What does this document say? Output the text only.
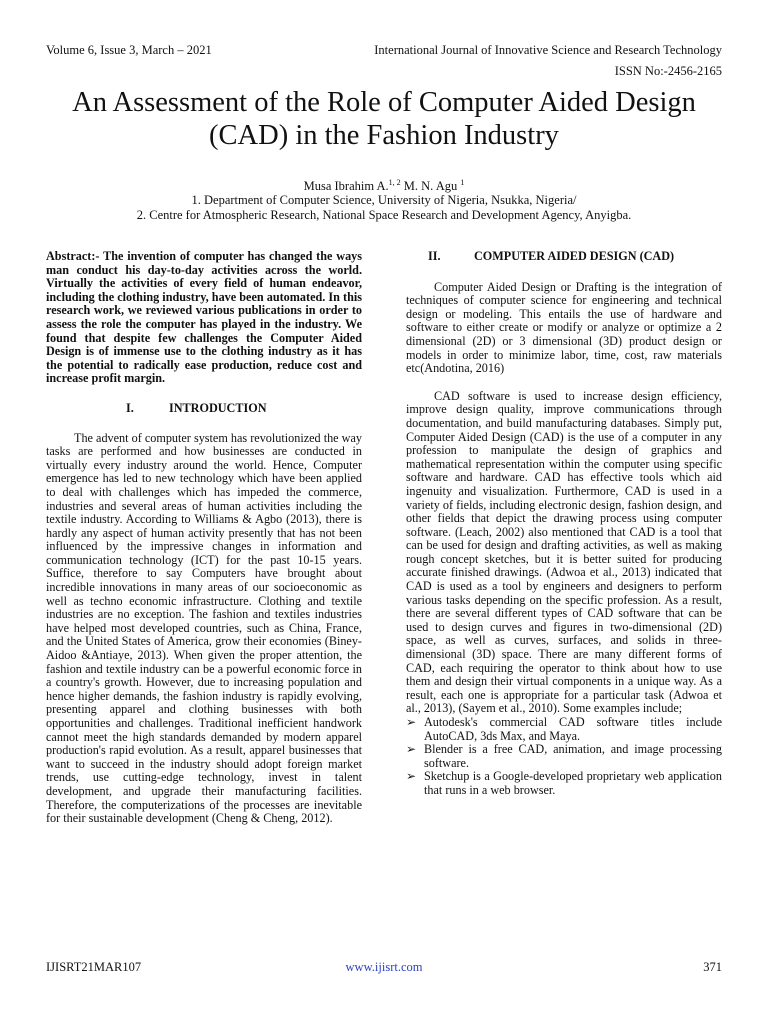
Volume 6, Issue 3, March – 2021	International Journal of Innovative Science and Research Technology
ISSN No:-2456-2165
An Assessment of the Role of Computer Aided Design (CAD) in the Fashion Industry
Musa Ibrahim A.$^{1, 2}$ M. N. Agu $^1$
1. Department of Computer Science, University of Nigeria, Nsukka, Nigeria/
2. Centre for Atmospheric Research, National Space Research and Development Agency, Anyigba.

Abstract:- The invention of computer has changed the ways man conduct his day-to-day activities across the world. Virtually the activities of every field of human endeavor, including the clothing industry, have been automated. In this research work, we reviewed various publications in order to assess the role the computer has played in the industry. We found that despite few challenges the Computer Aided Design is of immense use to the clothing industry as it has the potential to radically ease production, reduce cost and increase profit margin.

I.	INTRODUCTION

The advent of computer system has revolutionized the way tasks are performed and how businesses are conducted in virtually every industry around the world. Hence, Computer emergence has led to new technology which have been applied to deal with challenges which has impeded the commerce, industries and several areas of human activities including the textile industry. According to Williams & Agbo (2013), there is hardly any aspect of human activity presently that has not been influenced by the impressive changes in information and communication technology (ICT) for the past 10-15 years. Suffice, therefore to say Computers have brought about incredible innovations in many areas of our socioeconomic as well as techno economic infrastructure. Clothing and textile industries are no exception. The fashion and textiles industries have helped most developed countries, such as China, France, and the United States of America, grow their economies (Biney-Aidoo &Antiaye, 2013). When given the proper attention, the fashion and textile industry can be a powerful economic force in a country's growth. However, due to increasing population and hence higher demands, the fashion industry is rapidly evolving, presenting apparel and clothing businesses with both opportunities and challenges. Traditional inefficient handwork cannot meet the high standards demanded by modern apparel production's rapid evolution. As a result, apparel businesses that want to succeed in the industry should adopt foreign market trends, use cutting-edge technology, invest in talent development, and upgrade their manufacturing facilities. Therefore, the computerizations of the processes are inevitable for their sustainable development (Cheng & Cheng, 2012).

II.	COMPUTER AIDED DESIGN (CAD)

Computer Aided Design or Drafting is the integration of techniques of computer science for engineering and technical design or modeling. This entails the use of hardware and software to either create or modify or analyze or optimize a 2 dimensional (2D) or 3 dimensional (3D) product design or models in order to minimize labor, time, cost, raw materials etc(Andotina, 2016)

CAD software is used to increase design efficiency, improve design quality, improve communications through documentation, and build manufacturing databases. Simply put, Computer Aided Design (CAD) is the use of a computer in any profession to manipulate the design of graphics and mathematical representation within the computer using specific software and hardware. CAD has effective tools which aid ingenuity and visualization. Furthermore, CAD is used in a variety of fields, including electronic design, fashion design, and other fields that depict the drawing process using computer software. (Leach, 2002) also mentioned that CAD is a tool that can be used for design and drafting activities, as well as making rough concept sketches, but it is better suited for producing accurate finished drawings. (Adwoa et al., 2013) indicated that CAD is used as a tool by engineers and designers to perform various tasks depending on the specific profession. As a result, there are several different types of CAD software that can be used to design curves and figures in two-dimensional (2D) space, as well as curves, surfaces, and solids in three-dimensional (3D) space. There are many different forms of CAD, each requiring the operator to think about how to use them and design their virtual components in a unique way. As a result, each one is appropriate for a particular task (Adwoa et al., 2013), (Sayem et al., 2010). Some examples include;

➢ Autodesk's commercial CAD software titles include AutoCAD, 3ds Max, and Maya.
➢ Blender is a free CAD, animation, and image processing software.
➢ Sketchup is a Google-developed proprietary web application that runs in a web browser.
IJISRT21MAR107	www.ijisrt.com	371
